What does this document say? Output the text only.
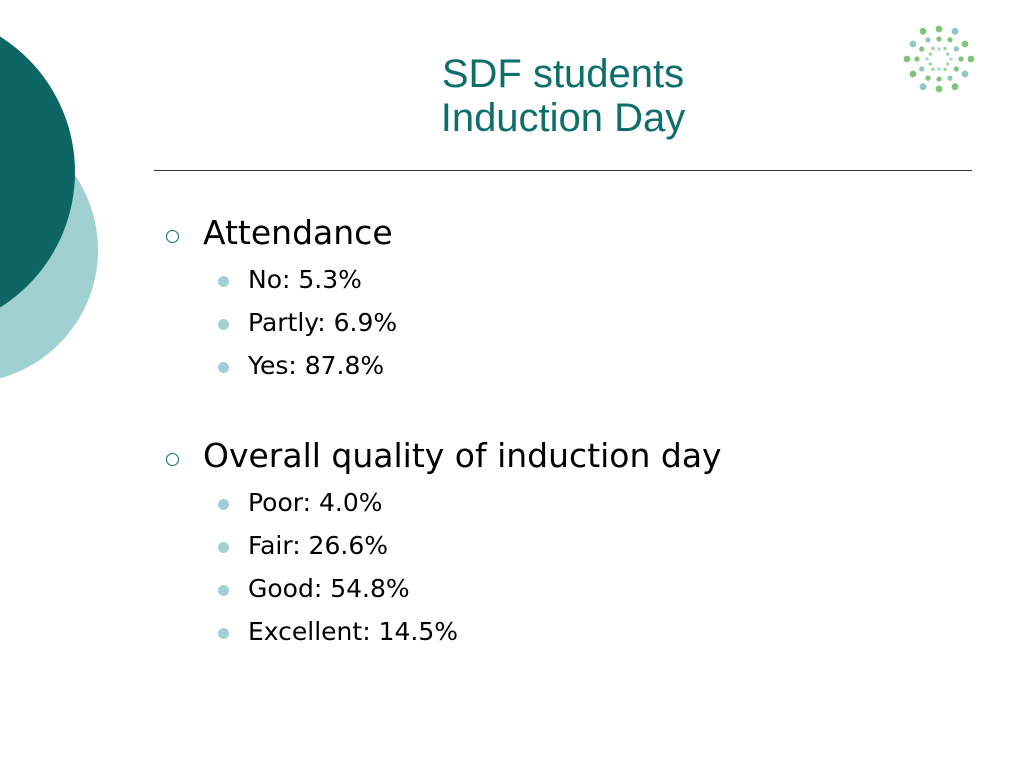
SDF students
Induction Day
Attendance
No: 5.3%
Partly: 6.9%
Yes: 87.8%
Overall quality of induction day
Poor: 4.0%
Fair: 26.6%
Good: 54.8%
Excellent: 14.5%
